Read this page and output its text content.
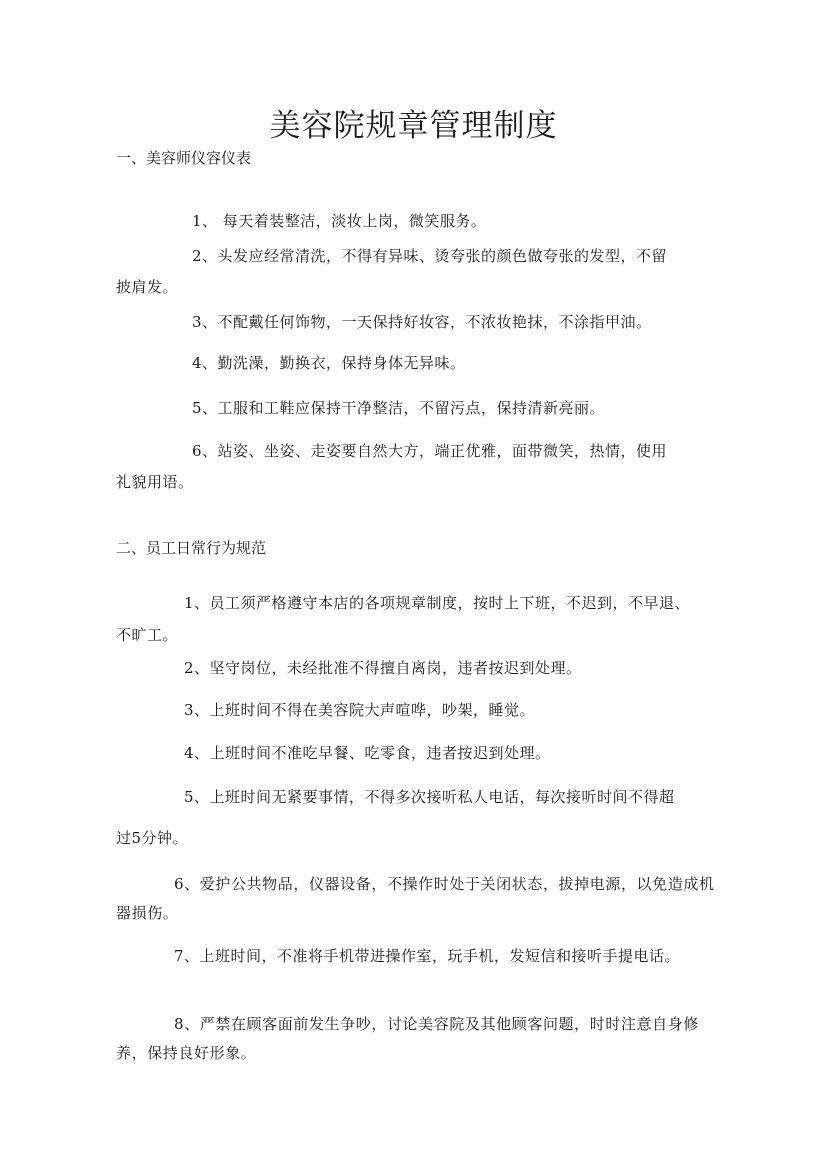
美容院规章管理制度
一、美容师仪容仪表
1、 每天着装整洁，淡妆上岗，微笑服务。
2、头发应经常清洗，不得有异味、烫夸张的颜色做夸张的发型，不留
披肩发。
3、不配戴任何饰物，一天保持好妆容，不浓妆艳抹，不涂指甲油。
4、勤洗澡，勤换衣，保持身体无异味。
5、工服和工鞋应保持干净整洁，不留污点，保持清新亮丽。
6、站姿、坐姿、走姿要自然大方，端正优雅，面带微笑，热情，使用
礼貌用语。
二、员工日常行为规范
1、员工须严格遵守本店的各项规章制度，按时上下班，不迟到，不早退、
不旷工。
2、坚守岗位，未经批准不得擅自离岗，违者按迟到处理。
3、上班时间不得在美容院大声喧哗，吵架，睡觉。
4、上班时间不准吃早餐、吃零食，违者按迟到处理。
5、上班时间无紧要事情，不得多次接听私人电话，每次接听时间不得超
过5分钟。
6、爱护公共物品，仪器设备，不操作时处于关闭状态，拔掉电源，以免造成机器损伤。
7、上班时间，不准将手机带进操作室，玩手机，发短信和接听手提电话。
8、严禁在顾客面前发生争吵，讨论美容院及其他顾客问题，时时注意自身修养，保持良好形象。
